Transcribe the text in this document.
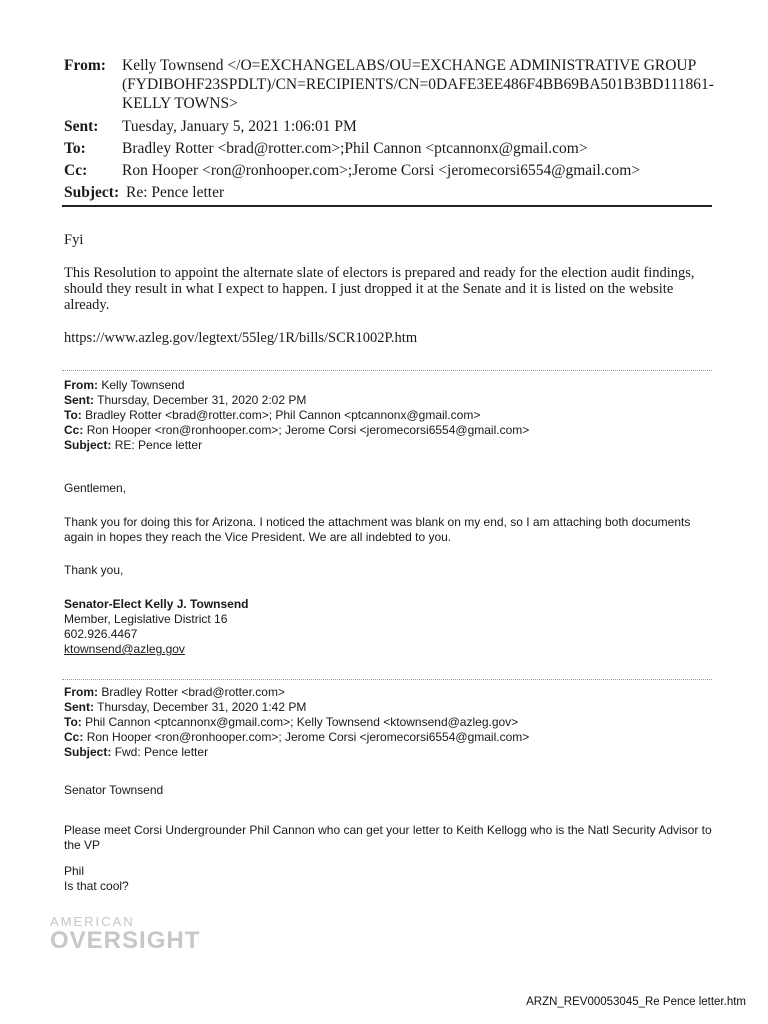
From:	Kelly Townsend </O=EXCHANGELABS/OU=EXCHANGE ADMINISTRATIVE GROUP (FYDIBOHF23SPDLT)/CN=RECIPIENTS/CN=0DAFE3EE486F4BB69BA501B3BD111861-KELLY TOWNS>
Sent:	Tuesday, January 5, 2021 1:06:01 PM
To:	Bradley Rotter <brad@rotter.com>;Phil Cannon <ptcannonx@gmail.com>
Cc:	Ron Hooper <ron@ronhooper.com>;Jerome Corsi <jeromecorsi6554@gmail.com>
Subject: Re: Pence letter

Fyi

This Resolution to appoint the alternate slate of electors is prepared and ready for the election audit findings, should they result in what I expect to happen. I just dropped it at the Senate and it is listed on the website already.

https://www.azleg.gov/legtext/55leg/1R/bills/SCR1002P.htm

From: Kelly Townsend

Sent: Thursday, December 31, 2020 2:02 PM

To: Bradley Rotter <brad@rotter.com>; Phil Cannon <ptcannonx@gmail.com>

Cc: Ron Hooper <ron@ronhooper.com>; Jerome Corsi <jeromecorsi6554@gmail.com>

Subject: RE: Pence letter

Gentlemen,
Thank you for doing this for Arizona. I noticed the attachment was blank on my end, so I am attaching both documents again in hopes they reach the Vice President. We are all indebted to you.
Thank you,

Senator-Elect Kelly J. Townsend

Member, Legislative District 16

602.926.4467

ktownsend@azleg.gov

From: Bradley Rotter <brad@rotter.com>

Sent: Thursday, December 31, 2020 1:42 PM

To: Phil Cannon <ptcannonx@gmail.com>; Kelly Townsend <ktownsend@azleg.gov>

Cc: Ron Hooper <ron@ronhooper.com>; Jerome Corsi <jeromecorsi6554@gmail.com>

Subject: Fwd: Pence letter

Senator Townsend
Please meet Corsi Undergrounder Phil Cannon who can get your letter to Keith Kellogg who is the Natl Security Advisor to the VP

Phil

Is that cool?

AMERICAN
OVERSIGHT
ARZN_REV00053045_Re Pence letter.htm
